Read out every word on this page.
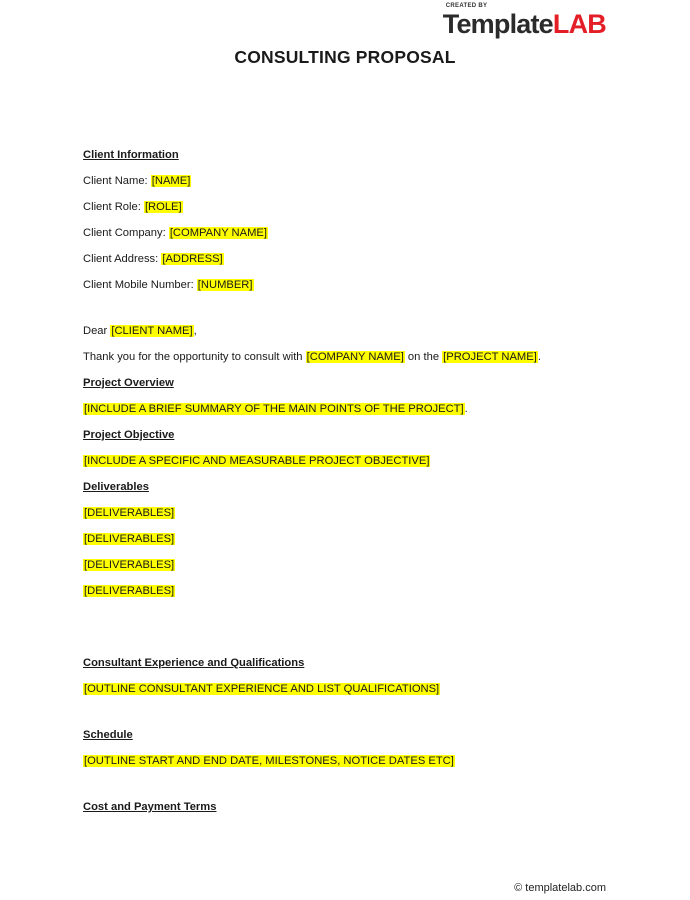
CREATED BY
TemplateLAB
CONSULTING PROPOSAL
Client Information
Client Name: [NAME]
Client Role: [ROLE]
Client Company: [COMPANY NAME]
Client Address: [ADDRESS]
Client Mobile Number: [NUMBER]
Dear [CLIENT NAME],
Thank you for the opportunity to consult with [COMPANY NAME] on the [PROJECT NAME].
Project Overview
[INCLUDE A BRIEF SUMMARY OF THE MAIN POINTS OF THE PROJECT].
Project Objective
[INCLUDE A SPECIFIC AND MEASURABLE PROJECT OBJECTIVE]
Deliverables
[DELIVERABLES]
[DELIVERABLES]
[DELIVERABLES]
[DELIVERABLES]
Consultant Experience and Qualifications
[OUTLINE CONSULTANT EXPERIENCE AND LIST QUALIFICATIONS]
Schedule
[OUTLINE START AND END DATE, MILESTONES, NOTICE DATES ETC]
Cost and Payment Terms
© templatelab.com
